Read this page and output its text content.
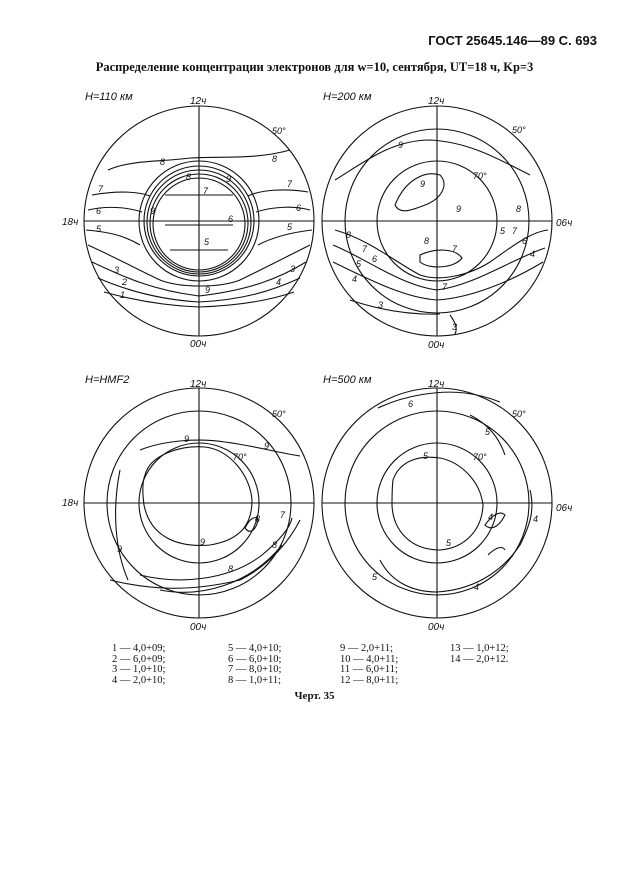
ГОСТ 25645.146—89 С. 693
Распределение концентрации электронов для w=10, сентября, UT=18 ч, Kp=3
H=110 км	12ч
00ч
18ч
50°
H=200 км	12ч
00ч
06ч
50°
70°
H=HMF2	12ч
00ч
18ч
50°
70°
H=500 км	12ч
00ч
06ч
50°
70°
1
2
3	3
4
5
5
6	6
7	7
7
8
8
8	9
9
9
5
6
9
9
9
8
8
7
7
7
6
6
5
5
4
4
3
3
8
7
9
9
9
9
8
8
7
8
6
5
5
5
4
4
4
5
1 — 4,0+09;
2 — 6,0+09;
3 — 1,0+10;
4 — 2,0+10;
5 — 4,0+10;
6 — 6,0+10;
7 — 8,0+10;
8 — 1,0+11;
9 — 2,0+11;
10 — 4,0+11;
11 — 6,0+11;
12 — 8,0+11;
13 — 1,0+12;
14 — 2,0+12.
Черт. 35
